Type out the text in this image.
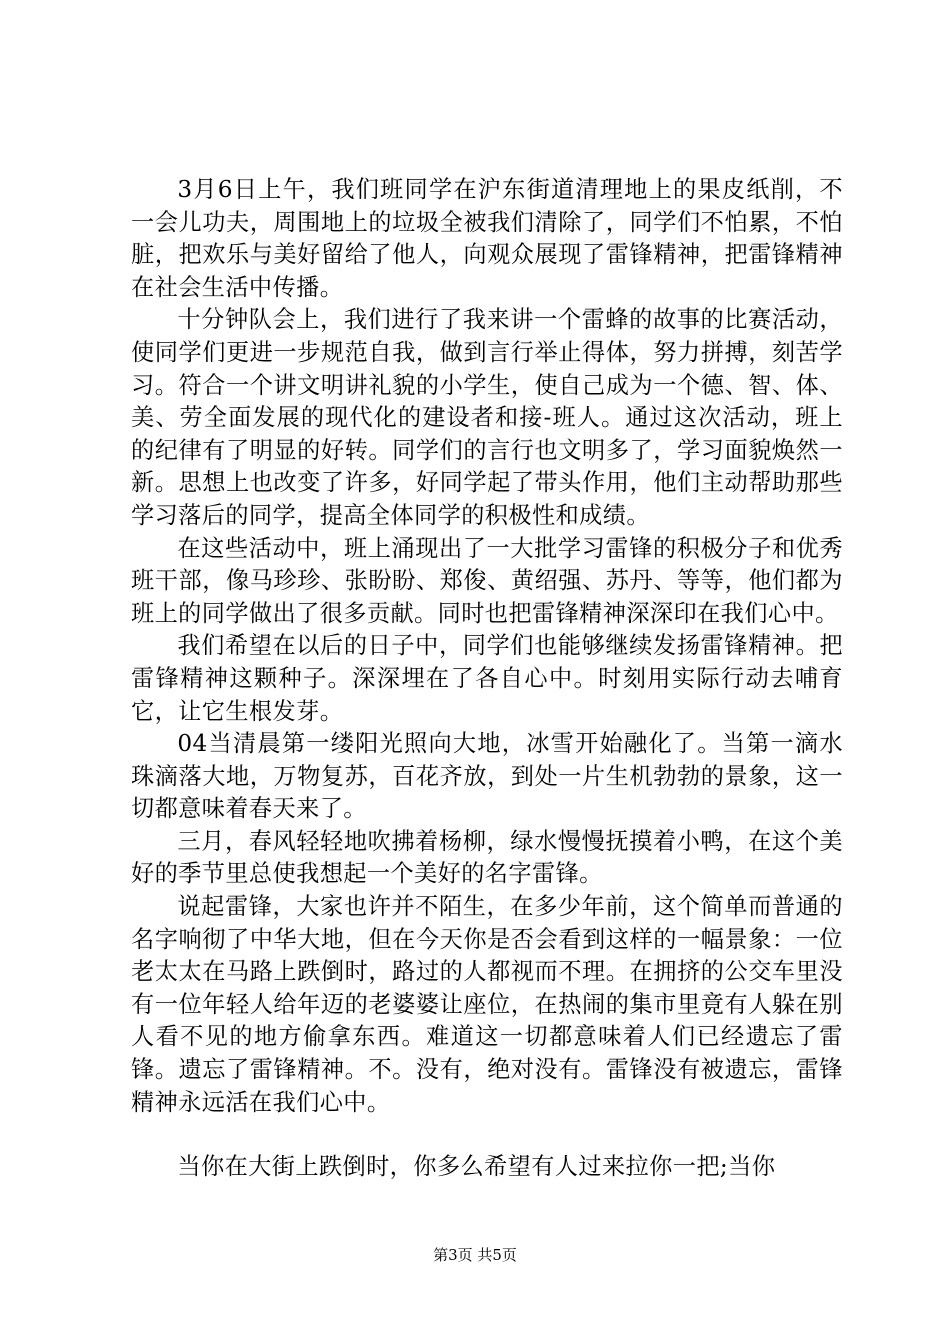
3月6日上午，我们班同学在沪东街道清理地上的果皮纸削，不一会儿功夫，周围地上的垃圾全被我们清除了，同学们不怕累，不怕脏，把欢乐与美好留给了他人，向观众展现了雷锋精神，把雷锋精神在社会生活中传播。

十分钟队会上，我们进行了我来讲一个雷蜂的故事的比赛活动，使同学们更进一步规范自我，做到言行举止得体，努力拼搏，刻苦学习。符合一个讲文明讲礼貌的小学生，使自己成为一个德、智、体、美、劳全面发展的现代化的建设者和接-班人。通过这次活动，班上的纪律有了明显的好转。同学们的言行也文明多了，学习面貌焕然一新。思想上也改变了许多，好同学起了带头作用，他们主动帮助那些学习落后的同学，提高全体同学的积极性和成绩。

在这些活动中，班上涌现出了一大批学习雷锋的积极分子和优秀班干部，像马珍珍、张盼盼、郑俊、黄绍强、苏丹、等等，他们都为班上的同学做出了很多贡献。同时也把雷锋精神深深印在我们心中。

我们希望在以后的日子中，同学们也能够继续发扬雷锋精神。把雷锋精神这颗种子。深深埋在了各自心中。时刻用实际行动去哺育它，让它生根发芽。

04当清晨第一缕阳光照向大地，冰雪开始融化了。当第一滴水珠滴落大地，万物复苏，百花齐放，到处一片生机勃勃的景象，这一切都意味着春天来了。

三月，春风轻轻地吹拂着杨柳，绿水慢慢抚摸着小鸭，在这个美好的季节里总使我想起一个美好的名字雷锋。

说起雷锋，大家也许并不陌生，在多少年前，这个简单而普通的名字响彻了中华大地，但在今天你是否会看到这样的一幅景象：一位老太太在马路上跌倒时，路过的人都视而不理。在拥挤的公交车里没有一位年轻人给年迈的老婆婆让座位，在热闹的集市里竟有人躲在别人看不见的地方偷拿东西。难道这一切都意味着人们已经遗忘了雷锋。遗忘了雷锋精神。不。没有，绝对没有。雷锋没有被遗忘，雷锋精神永远活在我们心中。

当你在大街上跌倒时，你多么希望有人过来拉你一把;当你

第3页 共5页
